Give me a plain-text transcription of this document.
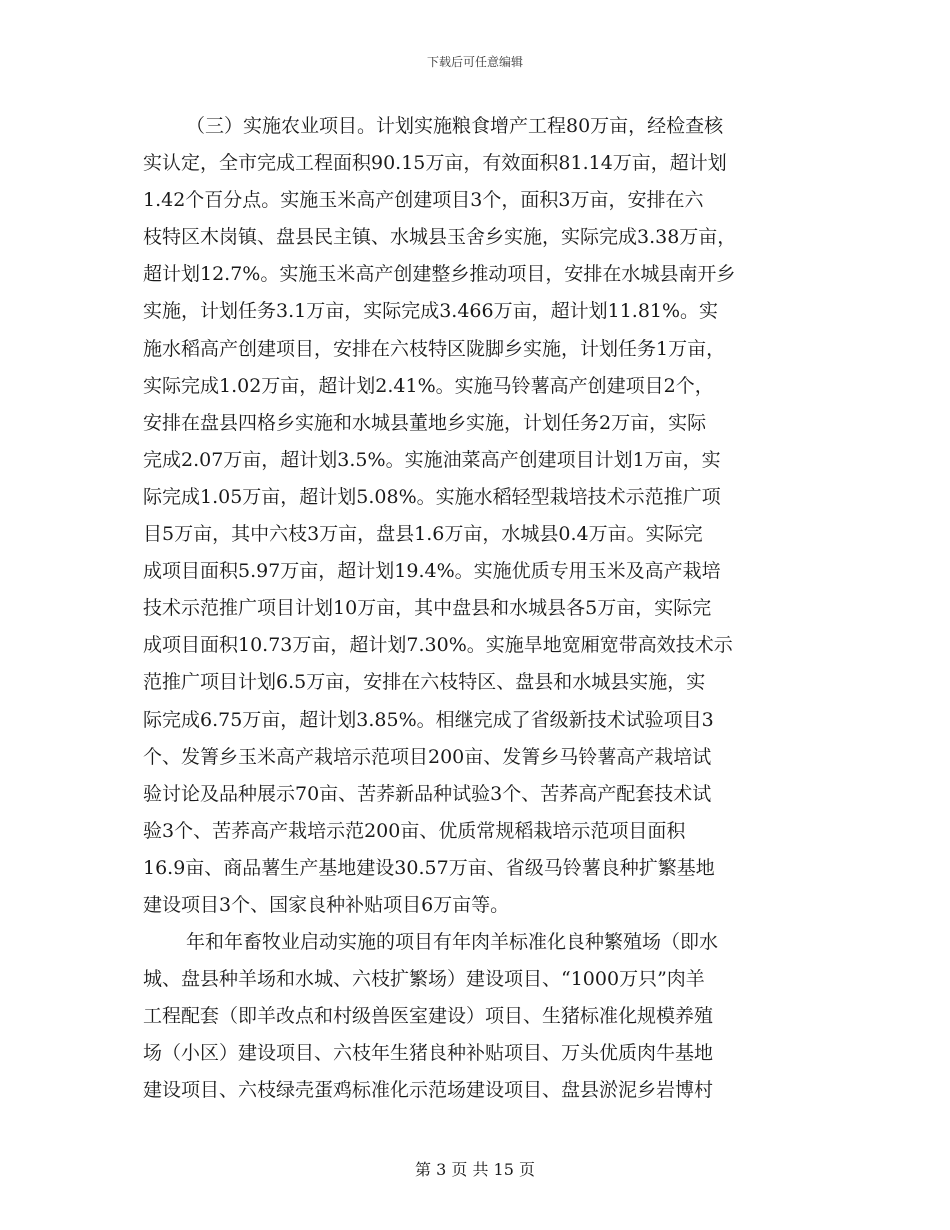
下载后可任意编辑
（三）实施农业项目。计划实施粮食增产工程80万亩，经检查核
实认定，全市完成工程面积90.15万亩，有效面积81.14万亩，超计划
1.42个百分点。实施玉米高产创建项目3个，面积3万亩，安排在六
枝特区木岗镇、盘县民主镇、水城县玉舍乡实施，实际完成3.38万亩，
超计划12.7%。实施玉米高产创建整乡推动项目，安排在水城县南开乡
实施，计划任务3.1万亩，实际完成3.466万亩，超计划11.81%。实
施水稻高产创建项目，安排在六枝特区陇脚乡实施，计划任务1万亩，
实际完成1.02万亩，超计划2.41%。实施马铃薯高产创建项目2个，
安排在盘县四格乡实施和水城县董地乡实施，计划任务2万亩，实际
完成2.07万亩，超计划3.5%。实施油菜高产创建项目计划1万亩，实
际完成1.05万亩，超计划5.08%。实施水稻轻型栽培技术示范推广项
目5万亩，其中六枝3万亩，盘县1.6万亩，水城县0.4万亩。实际完
成项目面积5.97万亩，超计划19.4%。实施优质专用玉米及高产栽培
技术示范推广项目计划10万亩，其中盘县和水城县各5万亩，实际完
成项目面积10.73万亩，超计划7.30%。实施旱地宽厢宽带高效技术示
范推广项目计划6.5万亩，安排在六枝特区、盘县和水城县实施，实
际完成6.75万亩，超计划3.85%。相继完成了省级新技术试验项目3
个、发箐乡玉米高产栽培示范项目200亩、发箐乡马铃薯高产栽培试
验讨论及品种展示70亩、苦荞新品种试验3个、苦荞高产配套技术试
验3个、苦荞高产栽培示范200亩、优质常规稻栽培示范项目面积
16.9亩、商品薯生产基地建设30.57万亩、省级马铃薯良种扩繁基地
建设项目3个、国家良种补贴项目6万亩等。
年和年畜牧业启动实施的项目有年肉羊标准化良种繁殖场（即水
城、盘县种羊场和水城、六枝扩繁场）建设项目、“1000万只”肉羊
工程配套（即羊改点和村级兽医室建设）项目、生猪标准化规模养殖
场（小区）建设项目、六枝年生猪良种补贴项目、万头优质肉牛基地
建设项目、六枝绿壳蛋鸡标准化示范场建设项目、盘县淤泥乡岩博村
第 3 页 共 15 页
